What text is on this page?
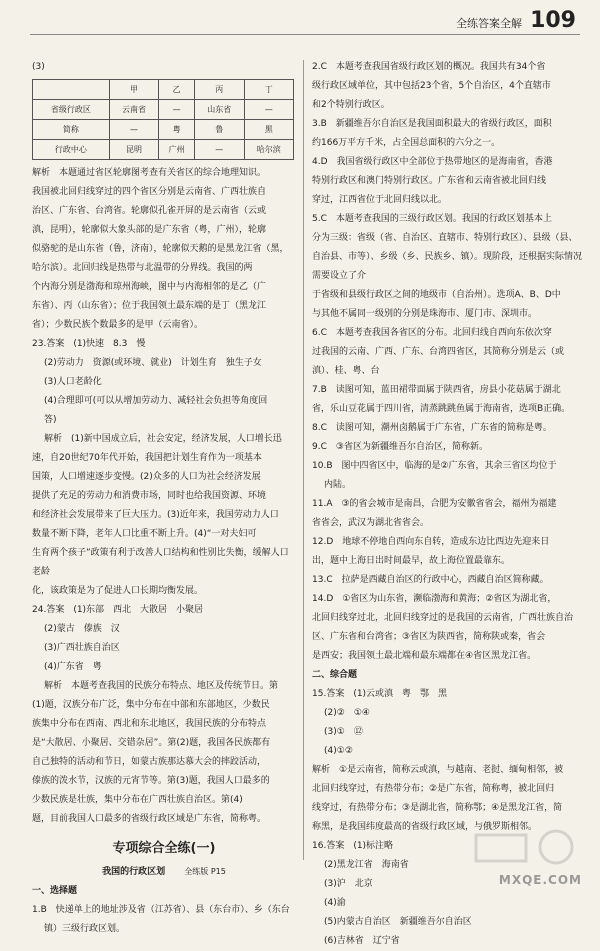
全练答案全解 109

(3)

	甲	乙	丙	丁
省级行政区	云南省	—	山东省	—
简称	—	粤	鲁	黑
行政中心	昆明	广州	—	哈尔滨

解析　本题通过省区轮廓图考查有关省区的综合地理知识。

我国被北回归线穿过的四个省区分别是云南省、广西壮族自

治区、广东省、台湾省。轮廓似孔雀开屏的是云南省（云或

滇，昆明），轮廓似大象头部的是广东省（粤，广州），轮廓

似骆驼的是山东省（鲁，济南），轮廓似天鹅的是黑龙江省（黑，

哈尔滨）。北回归线是热带与北温带的分界线。我国的两

个内海分别是渤海和琼州海峡，图中与内海相邻的是乙（广

东省）、丙（山东省）；位于我国领土最东端的是丁（黑龙江

省）；少数民族个数最多的是甲（云南省）。

23.答案　(1)快速　8.3　慢

(2)劳动力　资源(或环境、就业)　计划生育　独生子女

(3)人口老龄化

(4)合理即可(可以从增加劳动力、减轻社会负担等角度回

答)

解析　(1)新中国成立后，社会安定，经济发展，人口增长迅

速，自20世纪70年代开始，我国把计划生育作为一项基本

国策，人口增速逐步变慢。(2)众多的人口为社会经济发展

提供了充足的劳动力和消费市场，同时也给我国资源、环境

和经济社会发展带来了巨大压力。(3)近年来，我国劳动力人口

数量不断下降，老年人口比重不断上升。(4)“一对夫妇可

生育两个孩子”政策有利于改善人口结构和性别比失衡，缓解人口老龄

化，该政策是为了促进人口长期均衡发展。

24.答案　(1)东部　西北　大散居　小聚居

(2)蒙古　傣族　汉

(3)广西壮族自治区

(4)广东省　粤

解析　本题考查我国的民族分布特点、地区及传统节日。第

(1)题，汉族分布广泛，集中分布在中部和东部地区，少数民

族集中分布在西南、西北和东北地区，我国民族的分布特点

是“大散居、小聚居、交错杂居”。第(2)题，我国各民族都有

自己独特的活动和节日，如蒙古族那达慕大会的摔跤活动，

傣族的泼水节，汉族的元宵节等。第(3)题，我国人口最多的

少数民族是壮族，集中分布在广西壮族自治区。第(4)

题，目前我国人口最多的省级行政区域是广东省，简称粤。

专项综合全练(一)
我国的行政区划 全练版 P15

一、选择题

1.B　快递单上的地址涉及省（江苏省）、县（东台市）、乡（东台

镇）三级行政区划。

2.C　本题考查我国省级行政区划的概况。我国共有34个省

级行政区域单位，其中包括23个省，5个自治区，4个直辖市

和2个特别行政区。

3.B　新疆维吾尔自治区是我国面积最大的省级行政区，面积

约166万平方千米，占全国总面积的六分之一。

4.D　我国省级行政区中全部位于热带地区的是海南省，香港

特别行政区和澳门特别行政区。广东省和云南省被北回归线

穿过，江西省位于北回归线以北。

5.C　本题考查我国的三级行政区划。我国的行政区划基本上

分为三级：省级（省、自治区、直辖市、特别行政区）、县级（县、

自治县、市等）、乡级（乡、民族乡、镇）。现阶段，还根据实际情况需要设立了介

于省级和县级行政区之间的地级市（自治州）。选项A、B、D中

与其他不属同一级别的分别是珠海市、厦门市、深圳市。

6.C　本题考查我国各省区的分布。北回归线自西向东依次穿

过我国的云南、广西、广东、台湾四省区，其简称分别是云（或

滇）、桂、粤、台

7.B　读图可知，蓝田裙带面属于陕西省，房县小花菇属于湖北

省，乐山豆花属于四川省，清蒸跳跳鱼属于海南省，选项B正确。

8.C　读图可知，潮州卤鹅属于广东省，广东省的简称是粤。

9.C　③省区为新疆维吾尔自治区，简称新。

10.B　图中四省区中，临海的是②广东省，其余三省区均位于

内陆。

11.A　③的省会城市是南昌，合肥为安徽省省会，福州为福建

省省会，武汉为湖北省省会。

12.D　地球不停地自西向东自转，造成东边比西边先迎来日

出，题中上海日出时间最早，故上海位置最靠东。

13.C　拉萨是西藏自治区的行政中心，西藏自治区简称藏。

14.D　①省区为山东省，濒临渤海和黄海；②省区为湖北省，

北回归线穿过北，北回归线穿过的是我国的云南省，广西壮族自治

区、广东省和台湾省；③省区为陕西省，简称陕或秦，省会

是西安；我国领土最北端和最东端都在④省区黑龙江省。

二、综合题

15.答案　(1)云或滇　粤　鄂　黑

(2)②　①④

(3)①　⑫

(4)①②

解析　①是云南省，简称云或滇，与越南、老挝、缅甸相邻，被

北回归线穿过，有热带分布；②是广东省，简称粤，被北回归

线穿过，有热带分布；③是湖北省，简称鄂；④是黑龙江省，简

称黑，是我国纬度最高的省级行政区域，与俄罗斯相邻。

16.答案　(1)标注略

(2)黑龙江省　海南省

(3)沪　北京

(4)渝

(5)内蒙古自治区　新疆维吾尔自治区

(6)吉林省　辽宁省

MXQE.COM
